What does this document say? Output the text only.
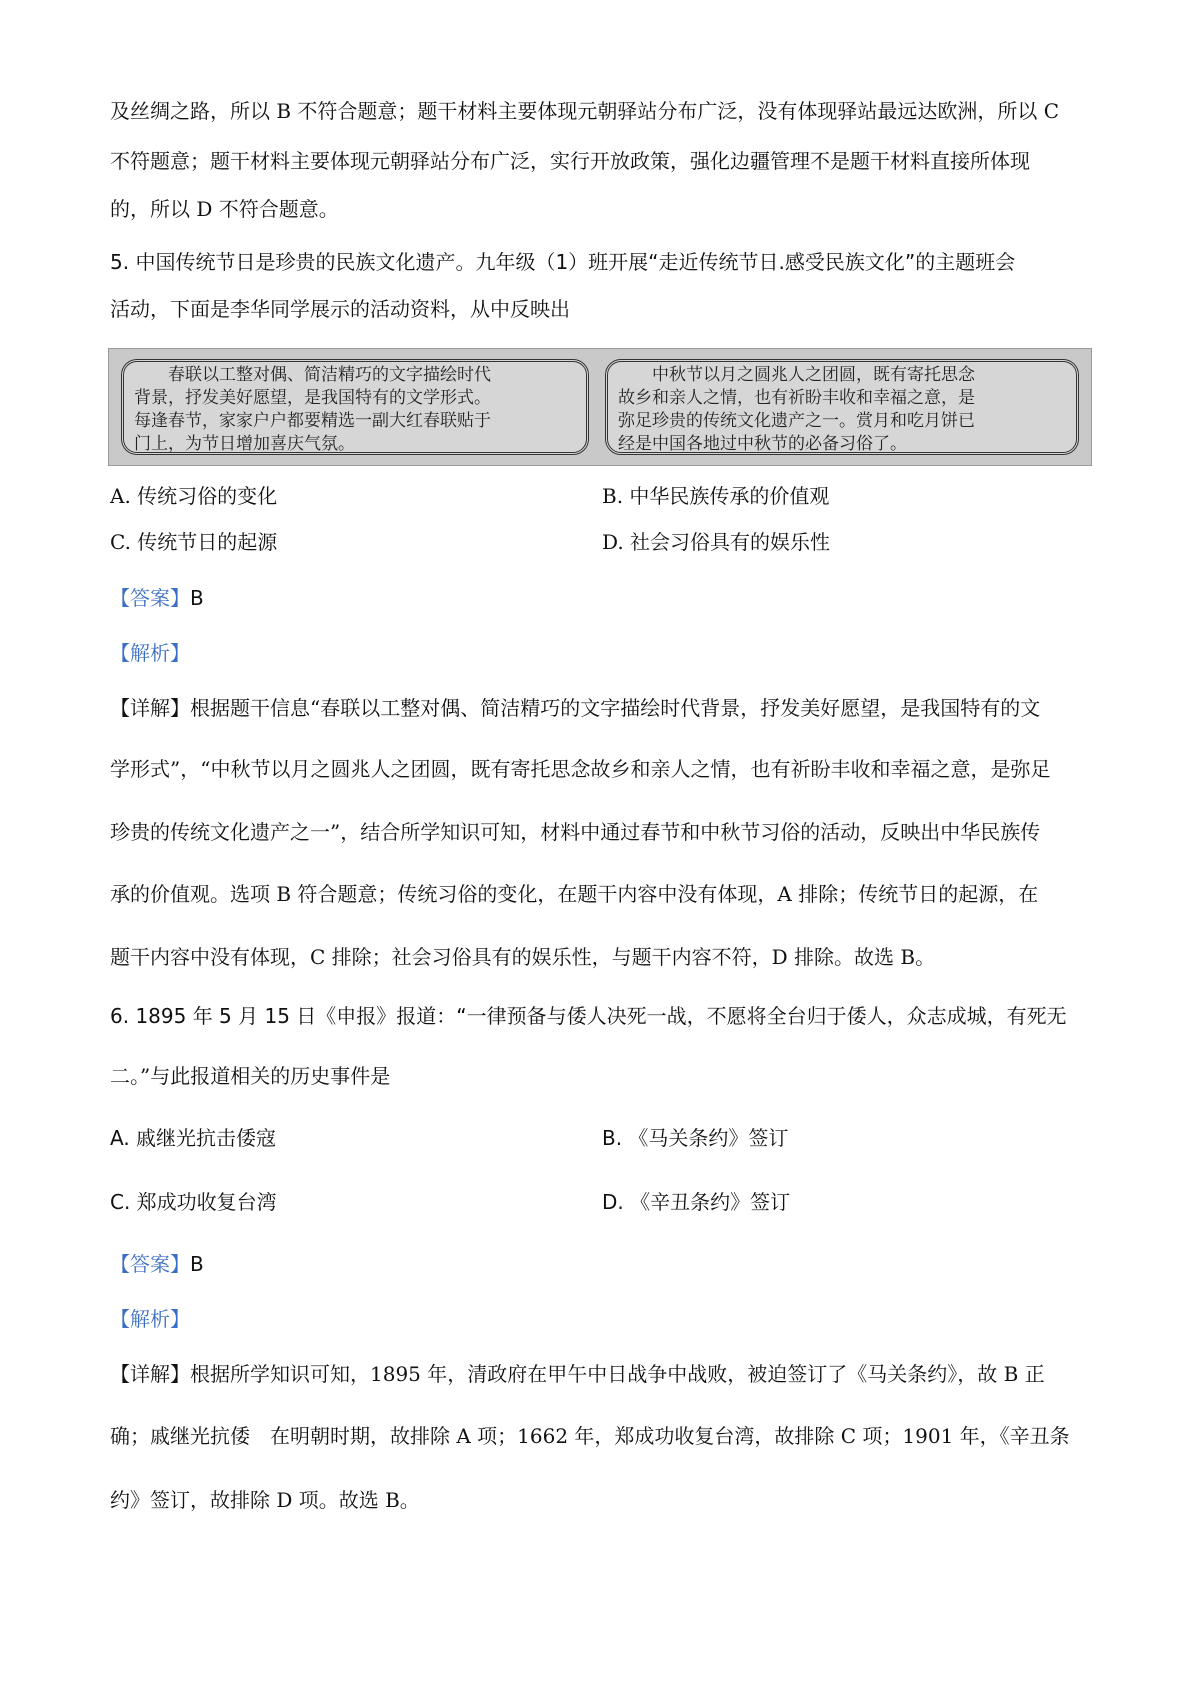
及丝绸之路，所以 B 不符合题意；题干材料主要体现元朝驿站分布广泛，没有体现驿站最远达欧洲，所以 C
不符题意；题干材料主要体现元朝驿站分布广泛，实行开放政策，强化边疆管理不是题干材料直接所体现
的，所以 D 不符合题意。
5. 中国传统节日是珍贵的民族文化遗产。九年级（1）班开展“走近传统节日.感受民族文化”的主题班会
活动，下面是李华同学展示的活动资料，从中反映出
春联以工整对偶、简洁精巧的文字描绘时代
背景，抒发美好愿望，是我国特有的文学形式。
每逢春节，家家户户都要精选一副大红春联贴于
门上，为节日增加喜庆气氛。
中秋节以月之圆兆人之团圆，既有寄托思念
故乡和亲人之情，也有祈盼丰收和幸福之意，是
弥足珍贵的传统文化遗产之一。赏月和吃月饼已
经是中国各地过中秋节的必备习俗了。
A. 传统习俗的变化	B. 中华民族传承的价值观
C. 传统节日的起源	D. 社会习俗具有的娱乐性
【答案】B
【解析】
【详解】根据题干信息“春联以工整对偶、简洁精巧的文字描绘时代背景，抒发美好愿望，是我国特有的文
学形式”，“中秋节以月之圆兆人之团圆，既有寄托思念故乡和亲人之情，也有祈盼丰收和幸福之意，是弥足
珍贵的传统文化遗产之一”，结合所学知识可知，材料中通过春节和中秋节习俗的活动，反映出中华民族传
承的价值观。选项 B 符合题意；传统习俗的变化，在题干内容中没有体现，A 排除；传统节日的起源，在
题干内容中没有体现，C 排除；社会习俗具有的娱乐性，与题干内容不符，D 排除。故选 B。
6. 1895 年 5 月 15 日《申报》报道：“一律预备与倭人决死一战，不愿将全台归于倭人，众志成城，有死无
二。”与此报道相关的历史事件是
A. 戚继光抗击倭寇	B. 《马关条约》签订
C. 郑成功收复台湾	D. 《辛丑条约》签订
【答案】B
【解析】
【详解】根据所学知识可知，1895 年，清政府在甲午中日战争中战败，被迫签订了《马关条约》，故 B 正
确；戚继光抗倭　在明朝时期，故排除 A 项；1662 年，郑成功收复台湾，故排除 C 项；1901 年，《辛丑条
约》签订，故排除 D 项。故选 B。
